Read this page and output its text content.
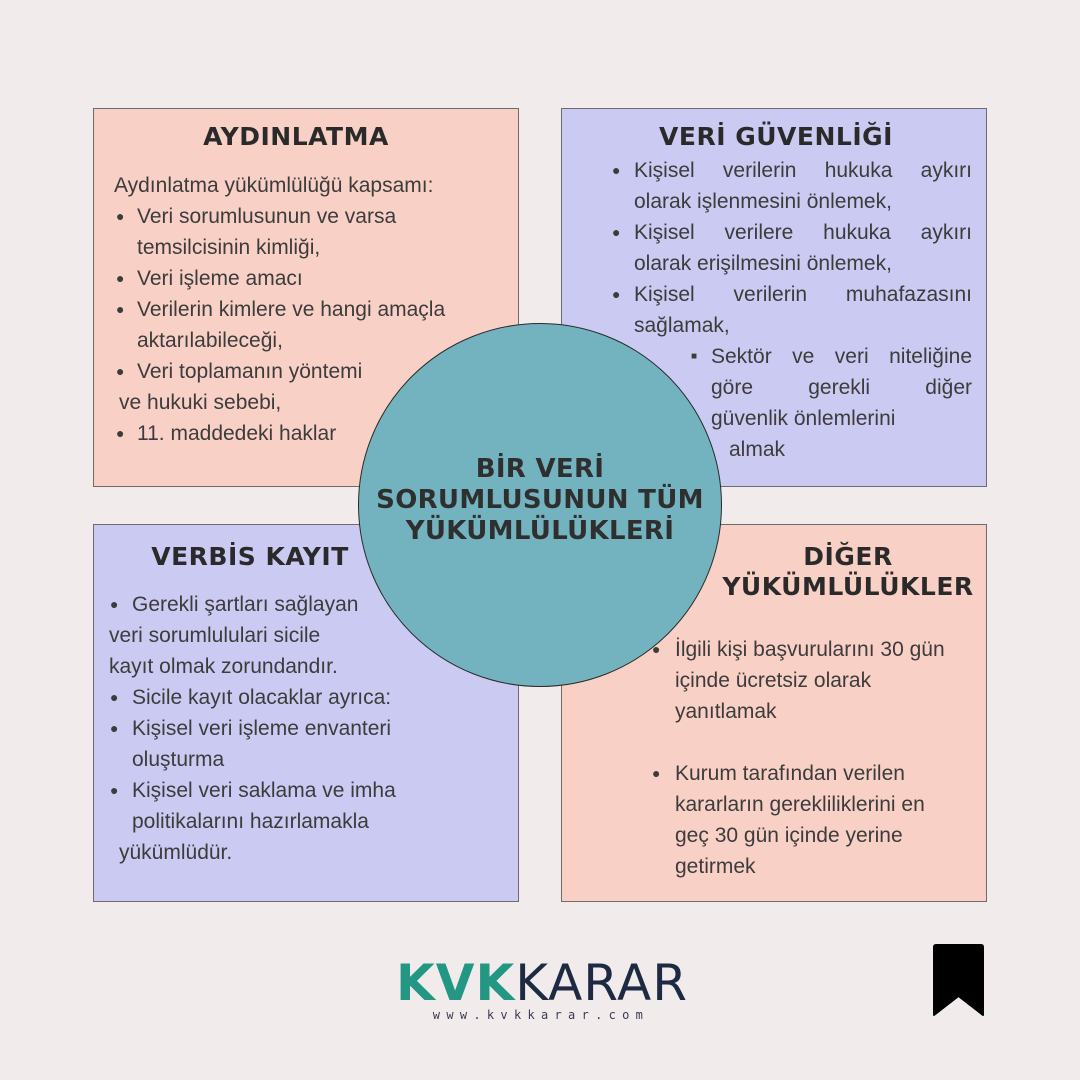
AYDINLATMA
Aydınlatma yükümlülüğü kapsamı:
● Veri sorumlusunun ve varsa
temsilcisinin kimliği,
● Veri işleme amacı
● Verilerin kimlere ve hangi amaçla
aktarılabileceği,
● Veri toplamanın yöntemi
ve hukuki sebebi,
● 11. maddedeki haklar
VERİ GÜVENLİĞİ
● Kişisel verilerin hukuka aykırı
olarak işlenmesini önlemek,
● Kişisel verilere hukuka aykırı
olarak erişilmesini önlemek,
● Kişisel verilerin muhafazasını
sağlamak,
■ Sektör ve veri niteliğine
göre gerekli diğer
güvenlik önlemlerini
almak
VERBİS KAYIT
● Gerekli şartları sağlayan
veri sorumlululari sicile
kayıt olmak zorundandır.
● Sicile kayıt olacaklar ayrıca:
● Kişisel veri işleme envanteri
oluşturma
● Kişisel veri saklama ve imha
politikalarını hazırlamakla
yükümlüdür.
DİĞER
YÜKÜMLÜLÜKLER
● İlgili kişi başvurularını 30 gün
içinde ücretsiz olarak
yanıtlamak
● Kurum tarafından verilen
kararların gerekliliklerini en
geç 30 gün içinde yerine
getirmek
BİR VERİ
SORUMLUSUNUN TÜM
YÜKÜMLÜLÜKLERİ
KVKKARAR
www.kvkkarar.com
